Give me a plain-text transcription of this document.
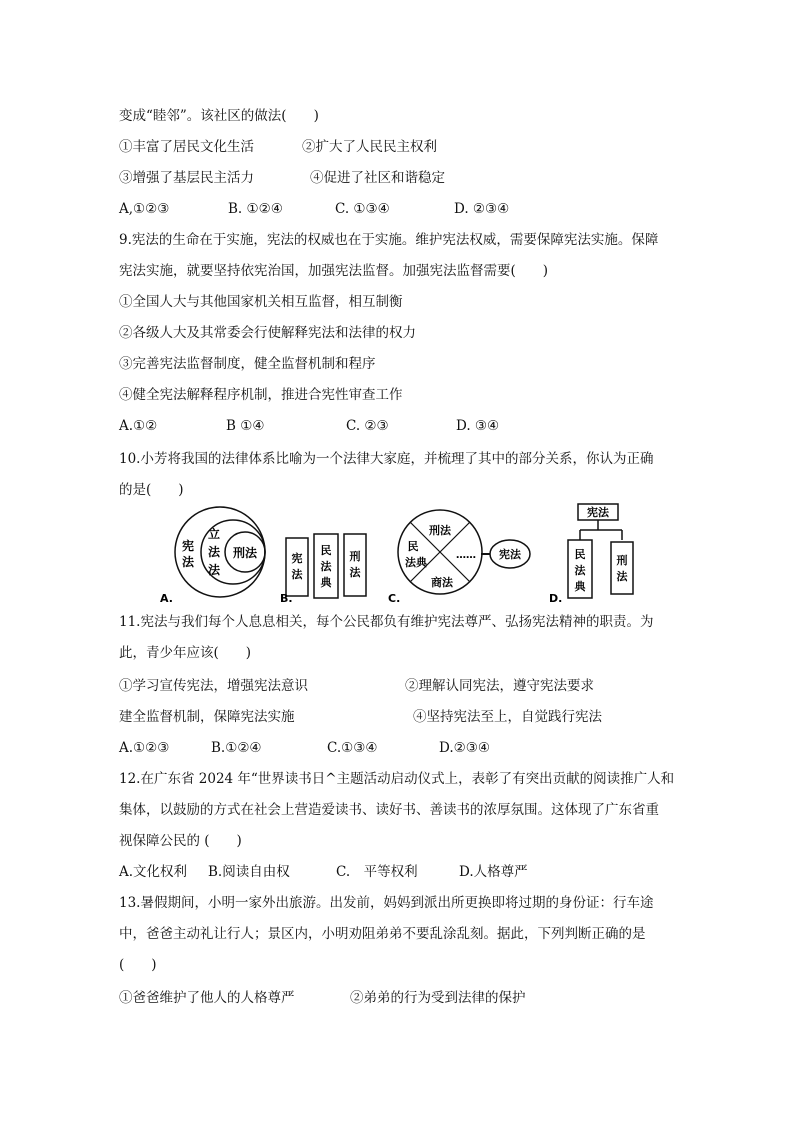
变成“睦邻”。该社区的做法(　　)
①丰富了居民文化生活	②扩大了人民民主权利
③增强了基层民主活力	④促进了社区和谐稳定
A,①②③	B. ①②④	C. ①③④	D. ②③④
9.宪法的生命在于实施，宪法的权威也在于实施。维护宪法权威，需要保障宪法实施。保障
宪法实施，就要坚持依宪治国，加强宪法监督。加强宪法监督需要(　　)
①全国人大与其他国家机关相互监督，相互制衡
②各级人大及其常委会行使解释宪法和法律的权力
③完善宪法监督制度，健全监督机制和程序
④健全宪法解释程序机制，推进合宪性审查工作
A.①②	B ①④	C. ②③	D. ③④
10.小芳将我国的法律体系比喻为一个法律大家庭，并梳理了其中的部分关系，你认为正确
的是(　　)
宪
法
立
法
法
刑法
A.
宪
法
民
法
典
刑
法
B.
刑法
民
法典
商法
…… 宪法
C.
宪法
民
法
典
刑
法
D.
11.宪法与我们每个人息息相关，每个公民都负有维护宪法尊严、弘扬宪法精神的职责。为
此，青少年应该(　　)
①学习宣传宪法，增强宪法意识	②理解认同宪法，遵守宪法要求
建全监督机制，保障宪法实施	④坚持宪法至上，自觉践行宪法
A.①②③	B.①②④	C.①③④	D.②③④
12.在广东省 2024 年“世界读书日^主题活动启动仪式上，表彰了有突出贡献的阅读推广人和
集体，以鼓励的方式在社会上营造爱读书、读好书、善读书的浓厚氛围。这体现了广东省重
视保障公民的 (　　)
A.文化权利 B.阅读自由权	C.　平等权利	D.人格尊严
13.暑假期间，小明一家外出旅游。出发前，妈妈到派出所更换即将过期的身份证：行车途
中，爸爸主动礼让行人；景区内，小明劝阻弟弟不要乱涂乱刻。据此，下列判断正确的是
(　　)
①爸爸维护了他人的人格尊严	②弟弟的行为受到法律的保护
